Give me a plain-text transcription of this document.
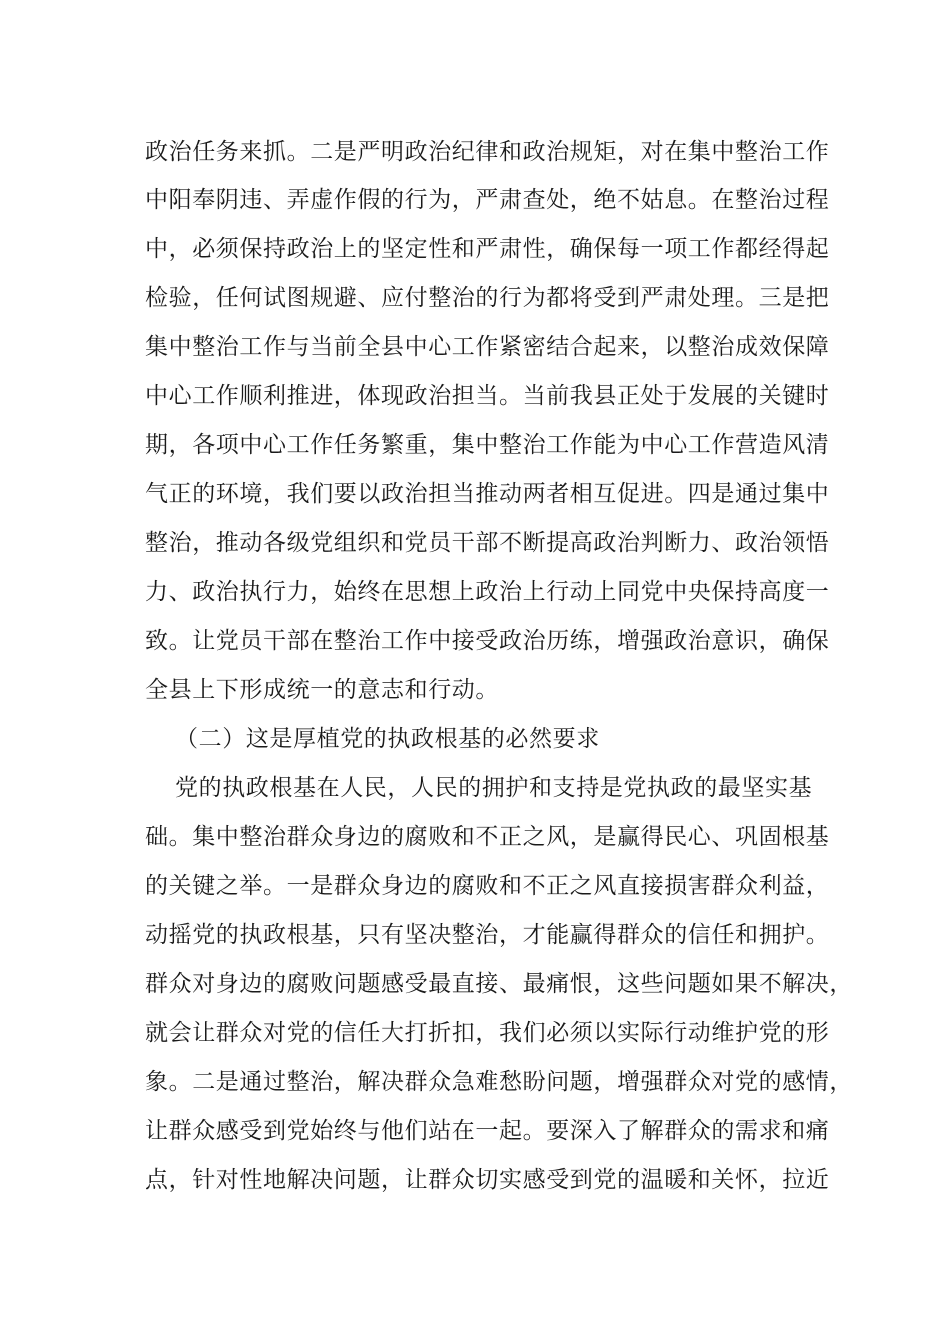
政治任务来抓。二是严明政治纪律和政治规矩，对在集中整治工作
中阳奉阴违、弄虚作假的行为，严肃查处，绝不姑息。在整治过程
中，必须保持政治上的坚定性和严肃性，确保每一项工作都经得起
检验，任何试图规避、应付整治的行为都将受到严肃处理。三是把
集中整治工作与当前全县中心工作紧密结合起来，以整治成效保障
中心工作顺利推进，体现政治担当。当前我县正处于发展的关键时
期，各项中心工作任务繁重，集中整治工作能为中心工作营造风清
气正的环境，我们要以政治担当推动两者相互促进。四是通过集中
整治，推动各级党组织和党员干部不断提高政治判断力、政治领悟
力、政治执行力，始终在思想上政治上行动上同党中央保持高度一
致。让党员干部在整治工作中接受政治历练，增强政治意识，确保
全县上下形成统一的意志和行动。
（二）这是厚植党的执政根基的必然要求
党的执政根基在人民，人民的拥护和支持是党执政的最坚实基
础。集中整治群众身边的腐败和不正之风，是赢得民心、巩固根基
的关键之举。一是群众身边的腐败和不正之风直接损害群众利益，
动摇党的执政根基，只有坚决整治，才能赢得群众的信任和拥护。
群众对身边的腐败问题感受最直接、最痛恨，这些问题如果不解决，
就会让群众对党的信任大打折扣，我们必须以实际行动维护党的形
象。二是通过整治，解决群众急难愁盼问题，增强群众对党的感情，
让群众感受到党始终与他们站在一起。要深入了解群众的需求和痛
点，针对性地解决问题，让群众切实感受到党的温暖和关怀，拉近
